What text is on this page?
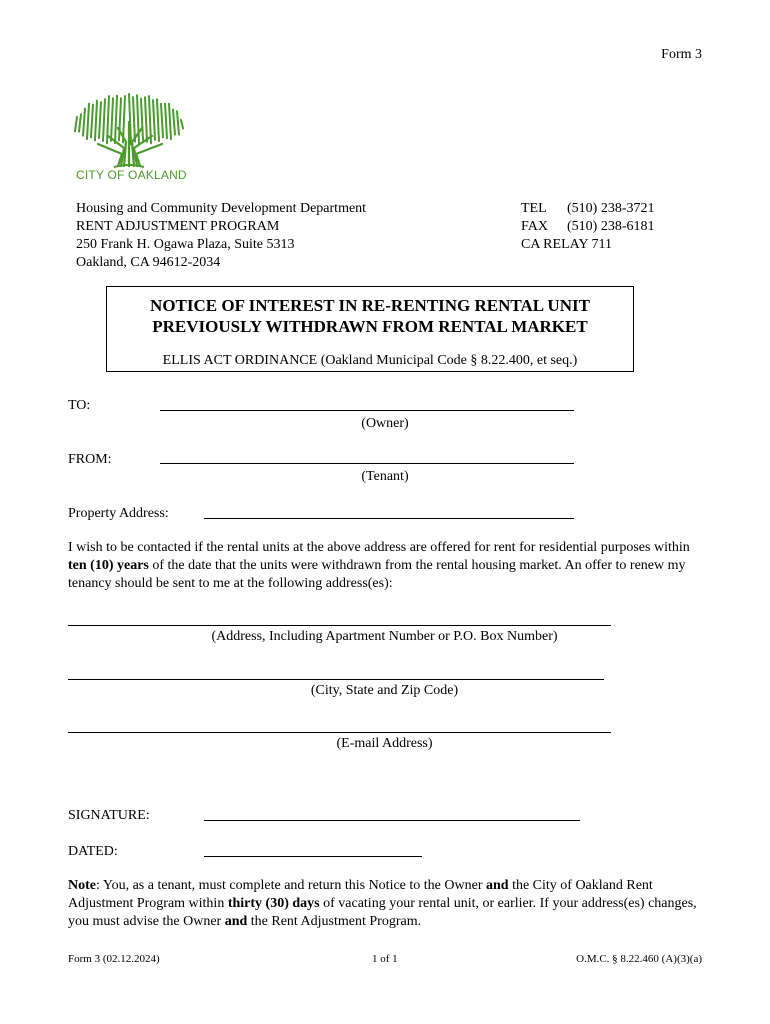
Form 3
CITY OF OAKLAND
Housing and Community Development Department
RENT ADJUSTMENT PROGRAM
250 Frank H. Ogawa Plaza, Suite 5313
Oakland, CA 94612-2034
TEL (510) 238-3721
FAX (510) 238-6181
CA RELAY 711
NOTICE OF INTEREST IN RE-RENTING RENTAL UNIT
PREVIOUSLY WITHDRAWN FROM RENTAL MARKET
ELLIS ACT ORDINANCE (Oakland Municipal Code § 8.22.400, et seq.)
TO:
(Owner)
FROM:
(Tenant)
Property Address:
I wish to be contacted if the rental units at the above address are offered for rent for residential purposes within ten (10) years of the date that the units were withdrawn from the rental housing market. An offer to renew my tenancy should be sent to me at the following address(es):
(Address, Including Apartment Number or P.O. Box Number)
(City, State and Zip Code)
(E-mail Address)
SIGNATURE:
DATED:
Note: You, as a tenant, must complete and return this Notice to the Owner and the City of Oakland Rent Adjustment Program within thirty (30) days of vacating your rental unit, or earlier. If your address(es) changes, you must advise the Owner and the Rent Adjustment Program.
Form 3 (02.12.2024)	1 of 1	O.M.C. § 8.22.460 (A)(3)(a)
